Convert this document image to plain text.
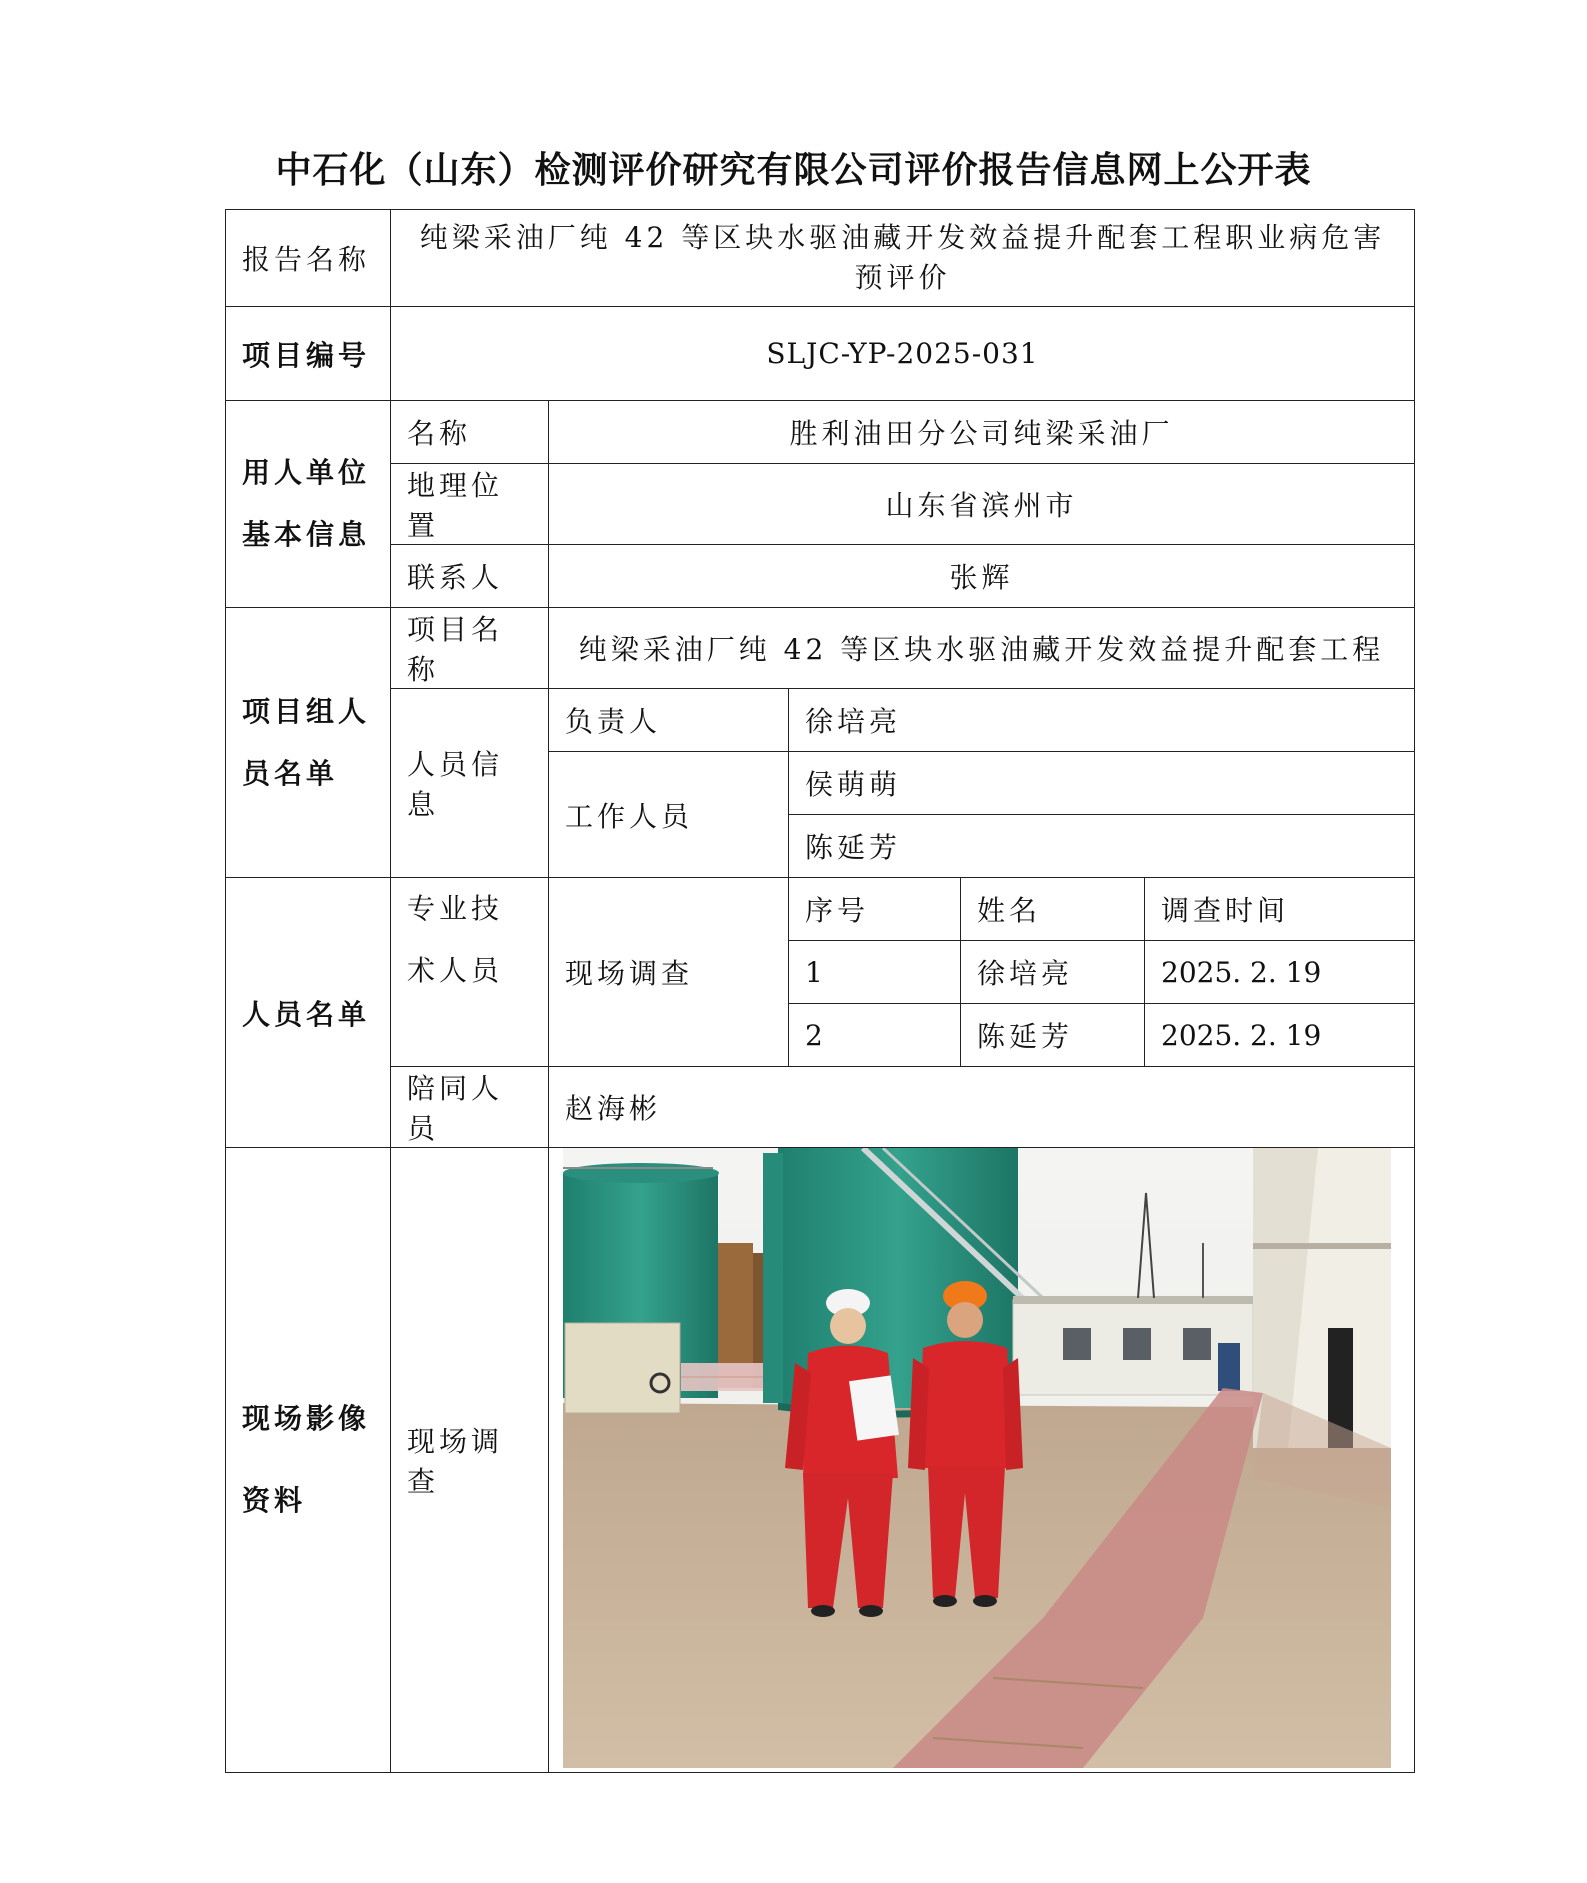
中石化（山东）检测评价研究有限公司评价报告信息网上公开表
报告名称	纯梁采油厂纯 42 等区块水驱油藏开发效益提升配套工程职业病危害预评价				
项目编号	SLJC-YP-2025-031				
用人单位基本信息	名称	胜利油田分公司纯梁采油厂			
	地理位置	山东省滨州市			
	联系人	张辉			
项目组人员名单	项目名称	纯梁采油厂纯 42 等区块水驱油藏开发效益提升配套工程			
	人员信息	负责人	徐培亮		
		工作人员	侯萌萌		
			陈延芳		
人员名单	专业技术人员	现场调查	序号	姓名	调查时间
			1	徐培亮	2025. 2. 19
			2	陈延芳	2025. 2. 19
	陪同人员	赵海彬			
现场影像资料	现场调查	
